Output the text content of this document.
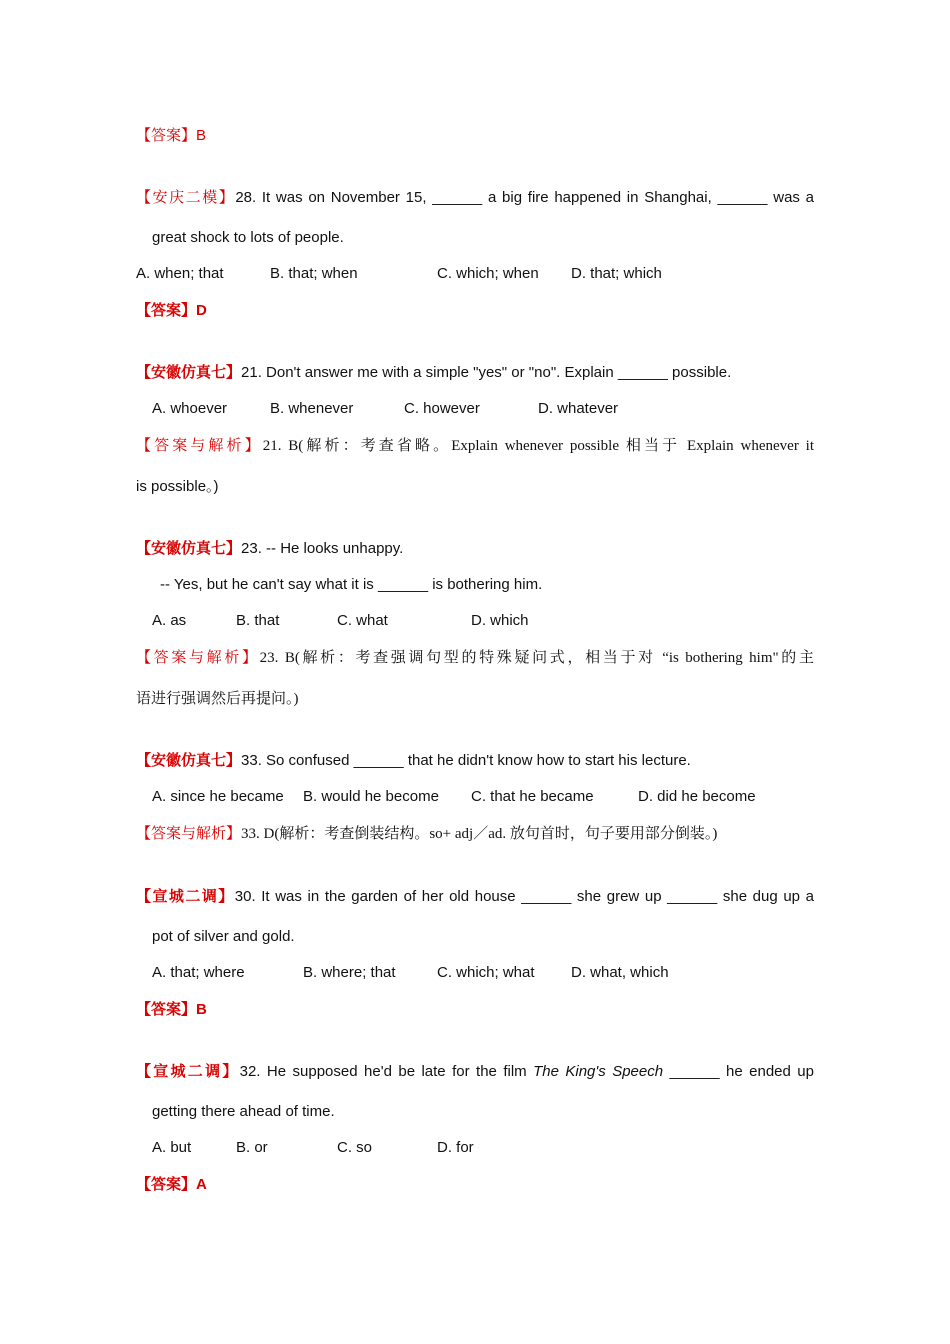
【答案】B
【安庆二模】28. It was on November 15, ______ a big fire happened in Shanghai, ______ was a
great shock to lots of people.
A. when; that	B. that; when	C. which; when D. that; which
【答案】D
【安徽仿真七】21. Don't answer me with a simple "yes" or "no". Explain ______ possible.
A. whoever	B. whenever	C. however	D. whatever
【答案与解析】21. B(解析：考查省略。Explain whenever possible 相当于 Explain whenever it
is possible。)
【安徽仿真七】23. -- He looks unhappy.
-- Yes, but he can't say what it is ______ is bothering him.
A. as	B. that	C. what	D. which
【答案与解析】23. B(解析：考查强调句型的特殊疑问式，相当于对 “is bothering him"的主
语进行强调然后再提问。)
【安徽仿真七】33. So confused ______ that he didn't know how to start his lecture.
A. since he became B. would he become C. that he became	D. did he become
【答案与解析】33. D(解析：考查倒装结构。so+ adj／ad. 放句首时，句子要用部分倒装。)
【宣城二调】30. It was in the garden of her old house ______ she grew up ______ she dug up a
pot of silver and gold.
A. that; where	B. where; that	C. which; what D. what, which
【答案】B
【宣城二调】32. He supposed he'd be late for the film The King's Speech ______ he ended up
getting there ahead of time.
A. but	B. or	C. so	D. for
【答案】A
